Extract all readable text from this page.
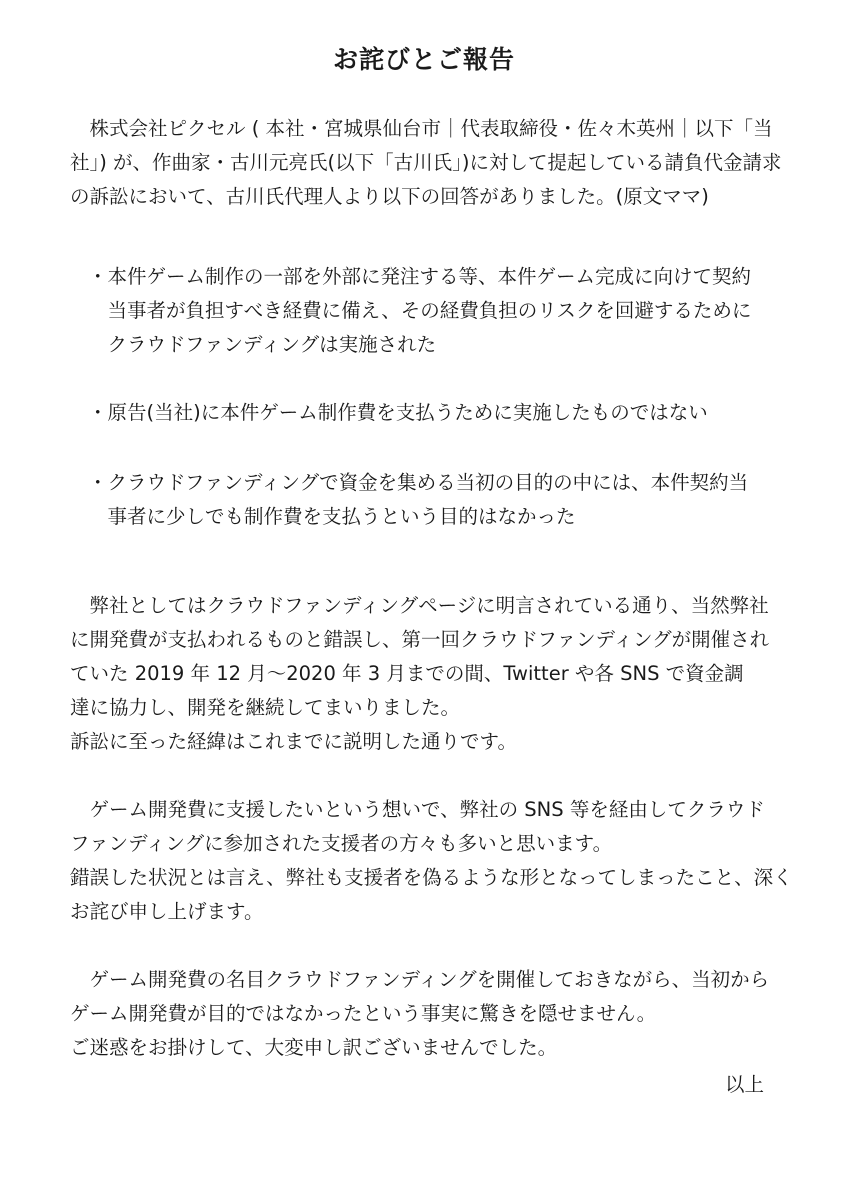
お詫びとご報告
　株式会社ピクセル ( 本社・宮城県仙台市｜代表取締役・佐々木英州｜以下「当
社」) が、作曲家・古川元亮氏(以下「古川氏」)に対して提起している請負代金請求
の訴訟において、古川氏代理人より以下の回答がありました。(原文ママ)
・本件ゲーム制作の一部を外部に発注する等、本件ゲーム完成に向けて契約
　当事者が負担すべき経費に備え、その経費負担のリスクを回避するために
　クラウドファンディングは実施された
・原告(当社)に本件ゲーム制作費を支払うために実施したものではない
・クラウドファンディングで資金を集める当初の目的の中には、本件契約当
　事者に少しでも制作費を支払うという目的はなかった
　弊社としてはクラウドファンディングページに明言されている通り、当然弊社
に開発費が支払われるものと錯誤し、第一回クラウドファンディングが開催され
ていた 2019 年 12 月～2020 年 3 月までの間、Twitter や各 SNS で資金調
達に協力し、開発を継続してまいりました。
訴訟に至った経緯はこれまでに説明した通りです。
　ゲーム開発費に支援したいという想いで、弊社の SNS 等を経由してクラウド
ファンディングに参加された支援者の方々も多いと思います。
錯誤した状況とは言え、弊社も支援者を偽るような形となってしまったこと、深く
お詫び申し上げます。
　ゲーム開発費の名目クラウドファンディングを開催しておきながら、当初から
ゲーム開発費が目的ではなかったという事実に驚きを隠せません。
ご迷惑をお掛けして、大変申し訳ございませんでした。
以上
